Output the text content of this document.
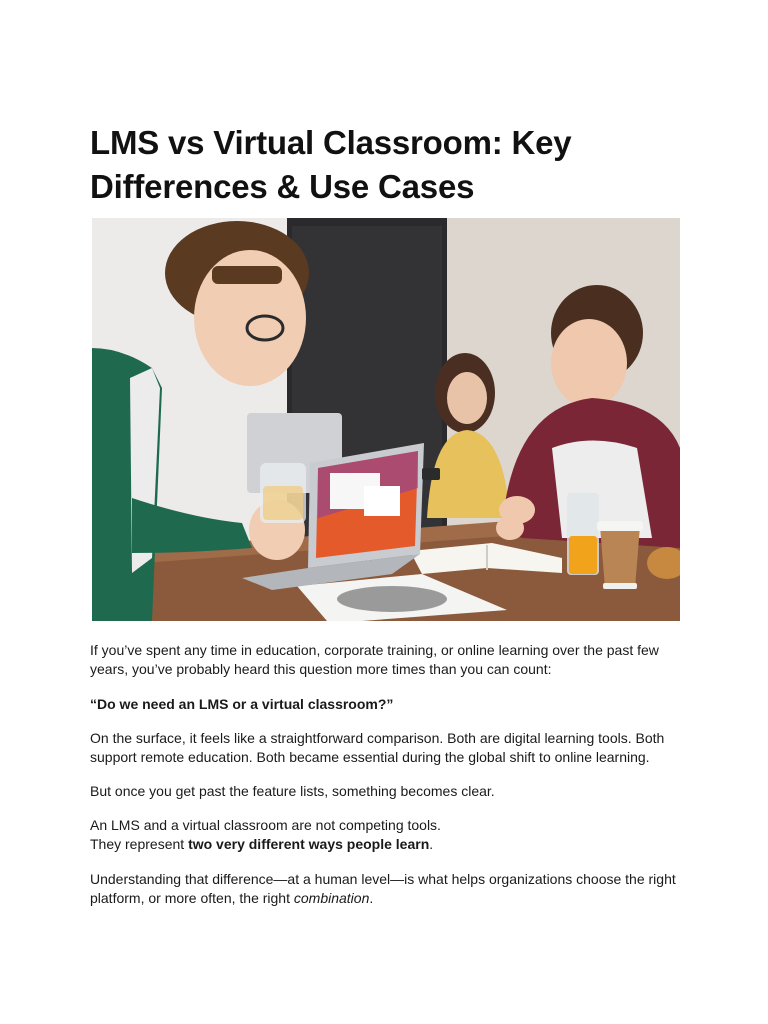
LMS vs Virtual Classroom: Key
Differences & Use Cases

If you’ve spent any time in education, corporate training, or online learning over the past few
years, you’ve probably heard this question more times than you can count:

“Do we need an LMS or a virtual classroom?”

On the surface, it feels like a straightforward comparison. Both are digital learning tools. Both
support remote education. Both became essential during the global shift to online learning.

But once you get past the feature lists, something becomes clear.

An LMS and a virtual classroom are not competing tools.
They represent two very different ways people learn.

Understanding that difference—at a human level—is what helps organizations choose the right
platform, or more often, the right combination.
